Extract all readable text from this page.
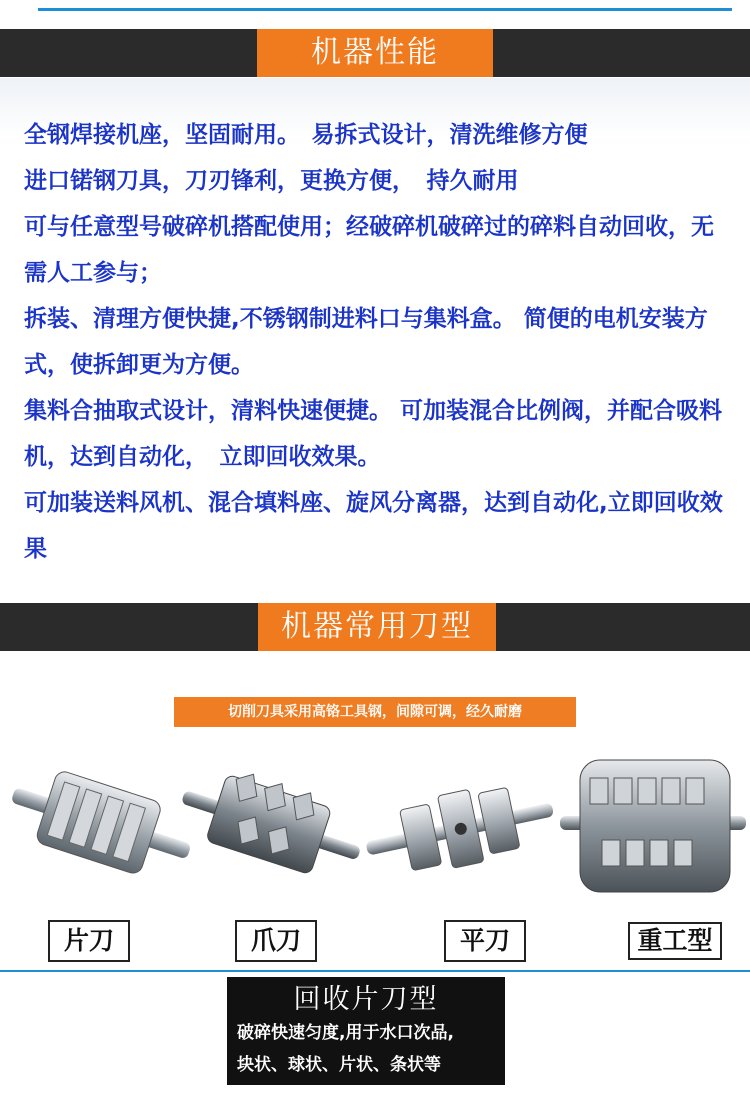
机器性能

全钢焊接机座，坚固耐用。　易拆式设计，清洗维修方便

进口锘钢刀具，刀刃锋利，更换方便，　持久耐用

可与任意型号破碎机搭配使用；经破碎机破碎过的碎料自动回收，无需人工参与；

拆装、清理方便快捷,不锈钢制进料口与集料盒。 简便的电机安装方式，使拆卸更为方便。

集料合抽取式设计，清料快速便捷。 可加装混合比例阀，并配合吸料机，达到自动化，　立即回收效果。

可加装送料风机、混合填料座、旋风分离器，达到自动化,立即回收效果

机器常用刀型
切削刀具采用高铬工具钢，间隙可调，经久耐磨
片刀	爪刀	平刀	重工型
回收片刀型
破碎快速匀度,用于水口次品,
块状、球状、片状、条状等
